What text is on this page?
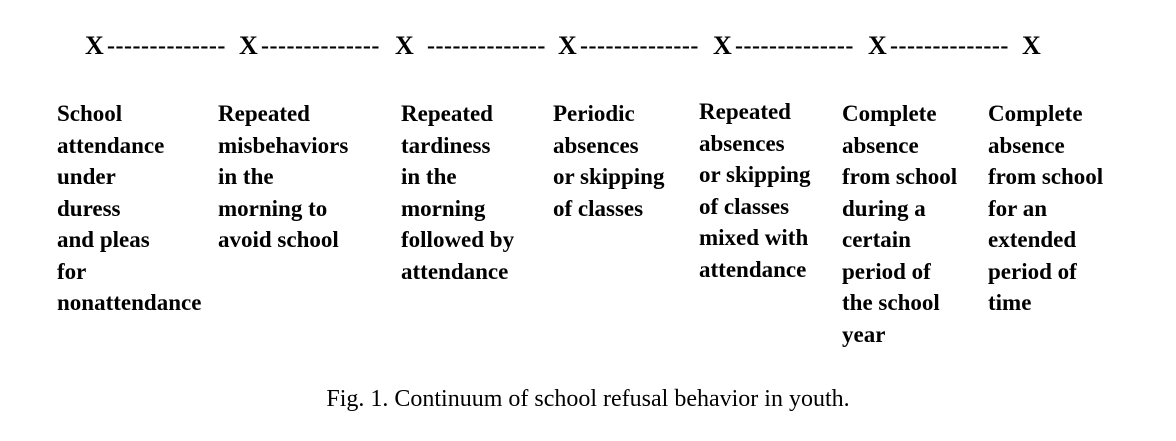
X -------------- X -------------- X -------------- X -------------- X -------------- X -------------- X
School
attendance
under
duress
and pleas
for
nonattendance
Repeated
misbehaviors
in the
morning to
avoid school
Repeated
tardiness
in the
morning
followed by
attendance
Periodic
absences
or skipping
of classes
Repeated
absences
or skipping
of classes
mixed with
attendance
Complete
absence
from school
during a
certain
period of
the school
year
Complete
absence
from school
for an
extended
period of
time
Fig. 1. Continuum of school refusal behavior in youth.
